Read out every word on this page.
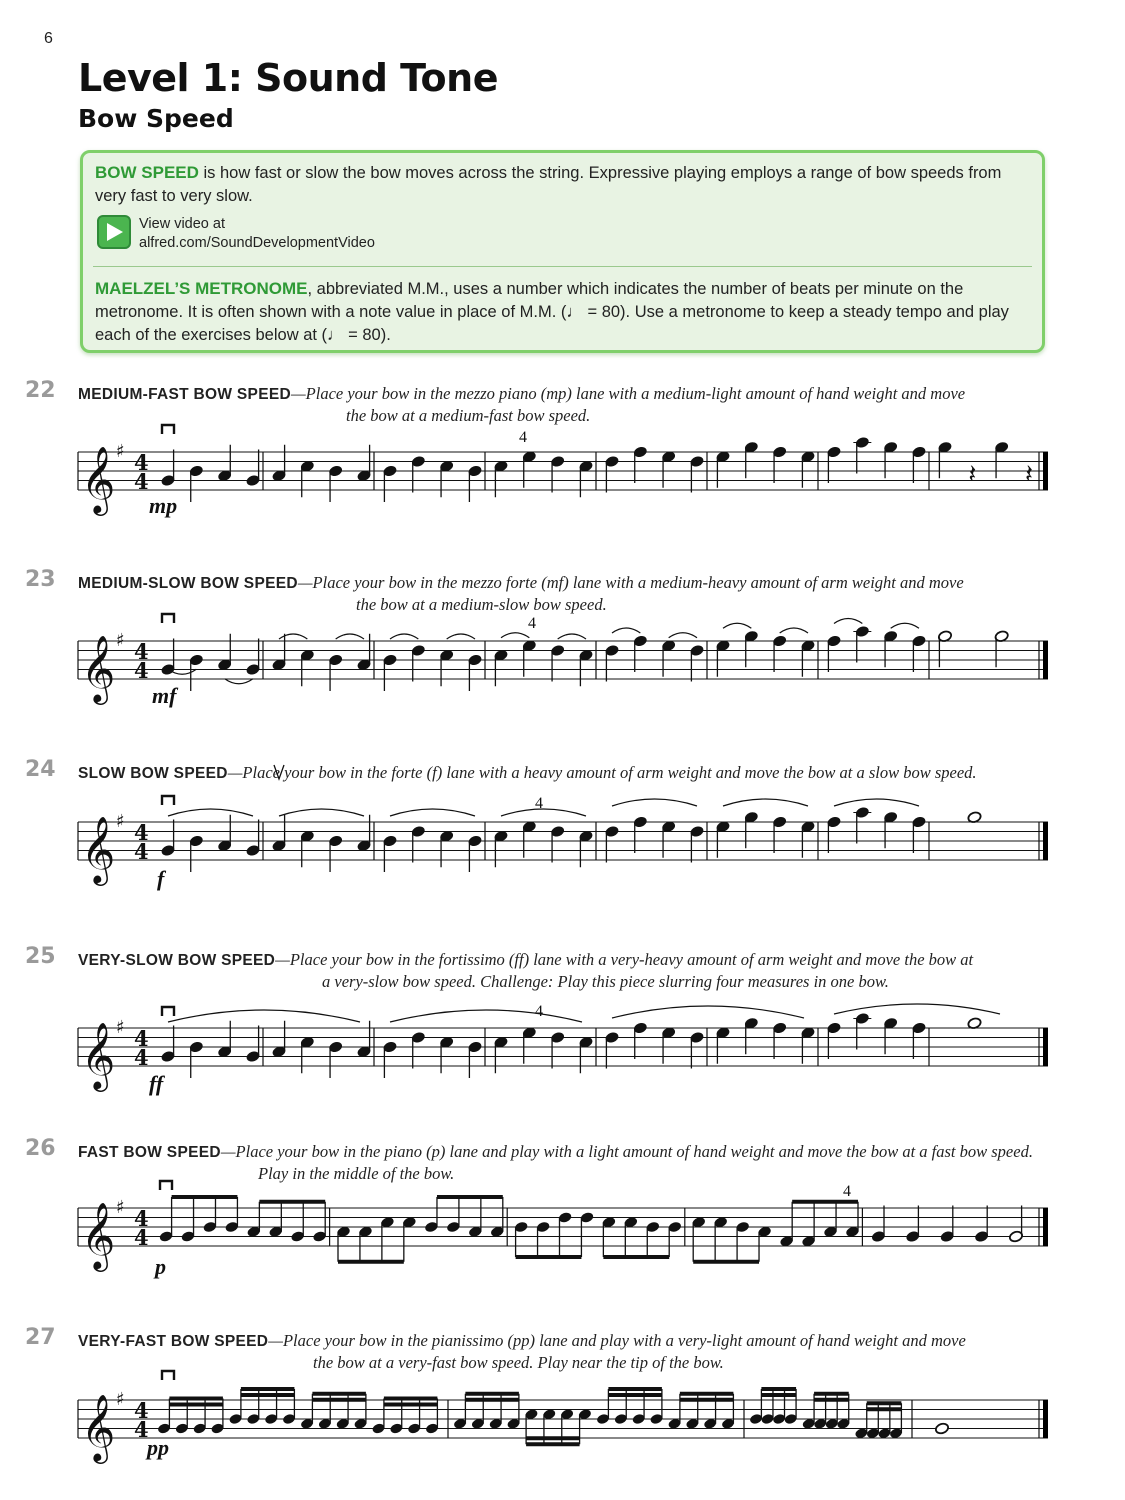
6
Level 1: Sound Tone
Bow Speed

BOW SPEED is how fast or slow the bow moves across the string. Expressive playing employs a range of bow speeds from very fast to very slow.

View video at
alfred.com/SoundDevelopmentVideo

MAELZEL’S METRONOME, abbreviated M.M., uses a number which indicates the number of beats per minute on the metronome. It is often shown with a note value in place of M.M. (♩ = 80). Use a metronome to keep a steady tempo and play each of the exercises below at (♩ = 80).

22 MEDIUM-FAST BOW SPEED—Place your bow in the mezzo piano (mp) lane with a medium-light amount of hand weight and move
the bow at a medium-fast bow speed.
23 MEDIUM-SLOW BOW SPEED—Place your bow in the mezzo forte (mf) lane with a medium-heavy amount of arm weight and move
the bow at a medium-slow bow speed.
24 SLOW BOW SPEED—Place your bow in the forte (f) lane with a heavy amount of arm weight and move the bow at a slow bow speed.
25 VERY-SLOW BOW SPEED—Place your bow in the fortissimo (ff) lane with a very-heavy amount of arm weight and move the bow at
a very-slow bow speed. Challenge: Play this piece slurring four measures in one bow.
26 FAST BOW SPEED—Place your bow in the piano (p) lane and play with a light amount of hand weight and move the bow at a fast bow speed.
Play in the middle of the bow.
27 VERY-FAST BOW SPEED—Place your bow in the pianissimo (pp) lane and play with a very-light amount of hand weight and move
the bow at a very-fast bow speed. Play near the tip of the bow.
mp
4
mf
4
f
4
ff
4
p
4
pp
𝄞 ♯ 4
4	𝄽 𝄽
𝄞 ♯ 4
4
𝄞 ♯ 4
4
𝄞 ♯ 4
4
𝄞 ♯ 4
4
𝄞 ♯ 4
4
